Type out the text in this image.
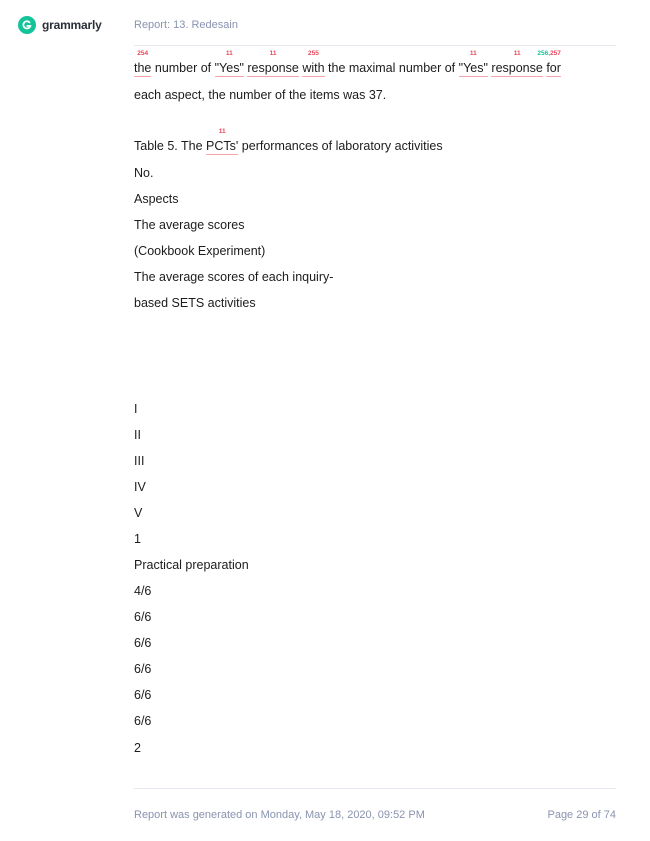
grammarly	Report: 13. Redesain
254
the number of
11
"Yes"
11
response
255
with the maximal number of
11
"Yes"
11
response
256,257
for
each aspect, the number of the items was 37.
Table 5. The
11
PCTs' performances of laboratory activities
No.
Aspects
The average scores
(Cookbook Experiment)
The average scores of each inquiry-
based SETS activities
I
II
III
IV
V
1
Practical preparation
4/6
6/6
6/6
6/6
6/6
6/6
2
Report was generated on Monday, May 18, 2020, 09:52 PM	Page 29 of 74
